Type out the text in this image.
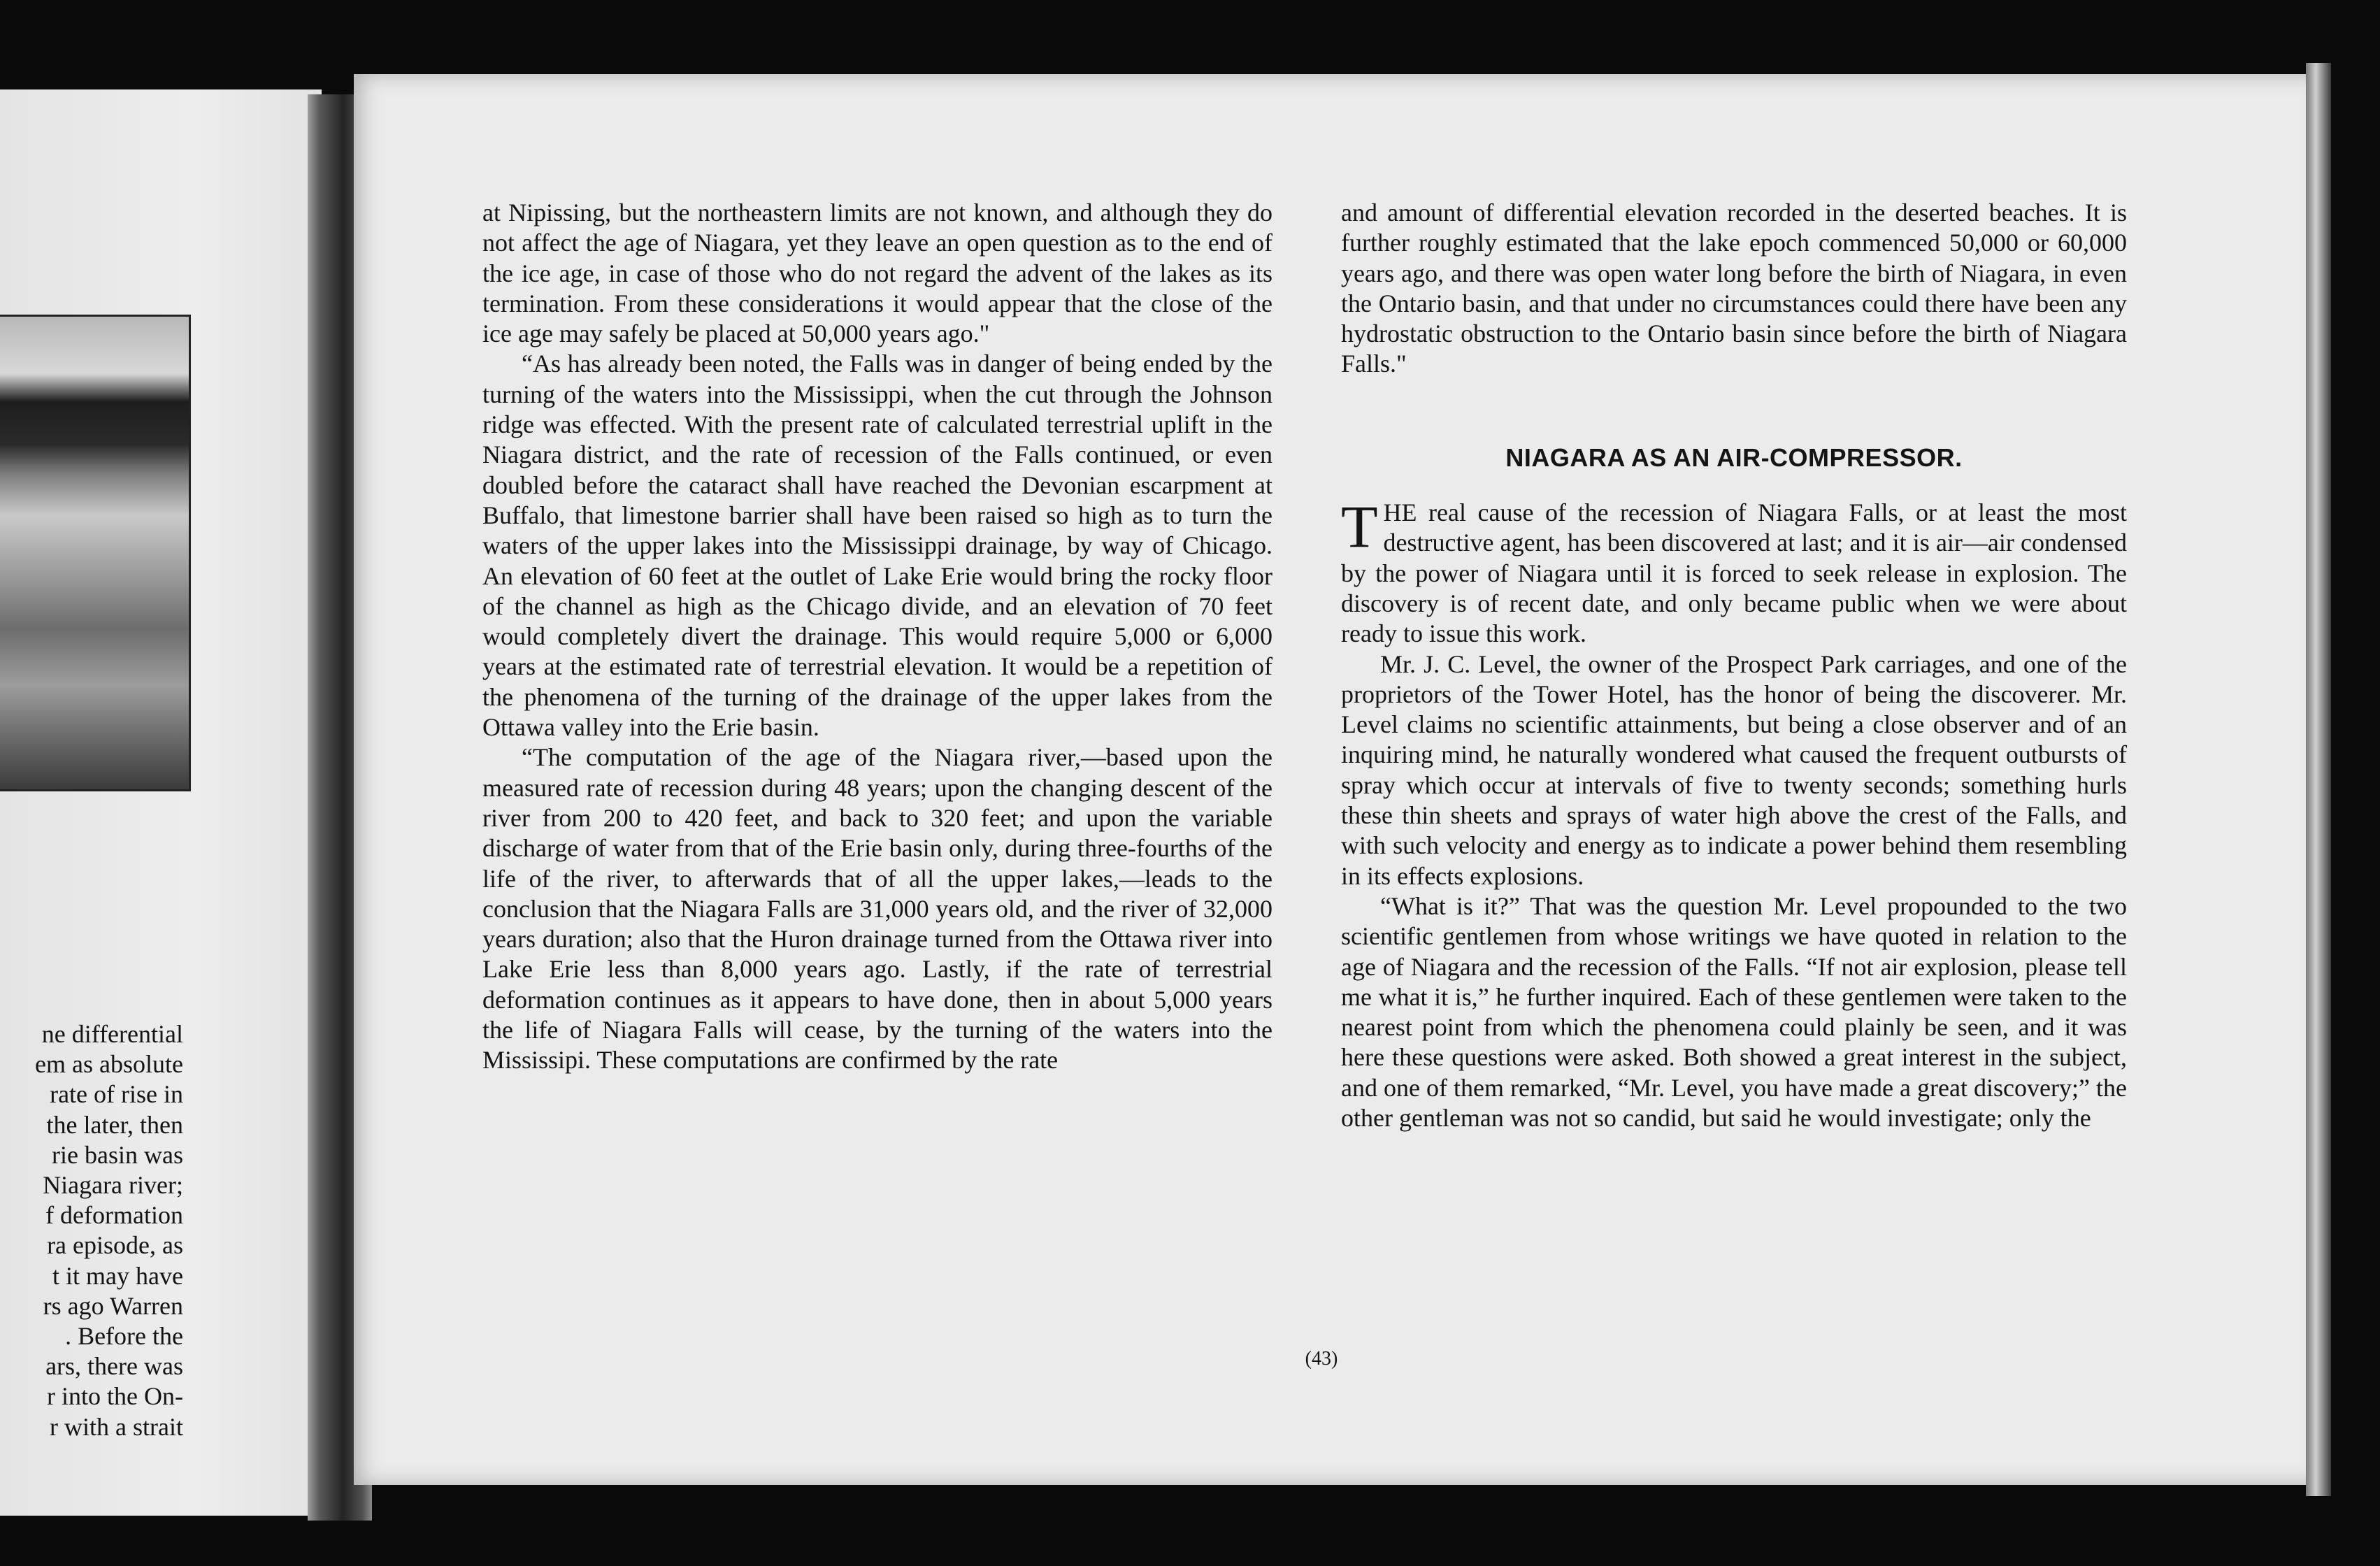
ne differential
em as absolute
rate of rise in
the later, then
rie basin was
Niagara river;
f deformation
ra episode, as
t it may have
rs ago Warren
. Before the
ars, there was
r into the On-
r with a strait

at Nipissing, but the northeastern limits are not known, and although they do not affect the age of Niagara, yet they leave an open question as to the end of the ice age, in case of those who do not regard the advent of the lakes as its termination. From these considerations it would appear that the close of the ice age may safely be placed at 50,000 years ago."

“As has already been noted, the Falls was in danger of being ended by the turning of the waters into the Mississippi, when the cut through the Johnson ridge was effected. With the present rate of calculated terrestrial uplift in the Niagara district, and the rate of recession of the Falls continued, or even doubled before the cataract shall have reached the Devonian escarpment at Buffalo, that limestone barrier shall have been raised so high as to turn the waters of the upper lakes into the Mississippi drainage, by way of Chicago. An elevation of 60 feet at the outlet of Lake Erie would bring the rocky floor of the channel as high as the Chicago divide, and an elevation of 70 feet would completely divert the drainage. This would require 5,000 or 6,000 years at the estimated rate of terrestrial elevation. It would be a repetition of the phenomena of the turning of the drainage of the upper lakes from the Ottawa valley into the Erie basin.

“The computation of the age of the Niagara river,—based upon the measured rate of recession during 48 years; upon the changing descent of the river from 200 to 420 feet, and back to 320 feet; and upon the variable discharge of water from that of the Erie basin only, during three-fourths of the life of the river, to afterwards that of all the upper lakes,—leads to the conclusion that the Niagara Falls are 31,000 years old, and the river of 32,000 years duration; also that the Huron drainage turned from the Ottawa river into Lake Erie less than 8,000 years ago. Lastly, if the rate of terrestrial deformation continues as it appears to have done, then in about 5,000 years the life of Niagara Falls will cease, by the turning of the waters into the Mississipi. These computations are confirmed by the rate

and amount of differential elevation recorded in the deserted beaches. It is further roughly estimated that the lake epoch commenced 50,000 or 60,000 years ago, and there was open water long before the birth of Niagara, in even the Ontario basin, and that under no circumstances could there have been any hydrostatic obstruction to the Ontario basin since before the birth of Niagara Falls."

NIAGARA AS AN AIR-COMPRESSOR.

THE real cause of the recession of Niagara Falls, or at least the most destructive agent, has been discovered at last; and it is air—air condensed by the power of Niagara until it is forced to seek release in explosion. The discovery is of recent date, and only became public when we were about ready to issue this work.

Mr. J. C. Level, the owner of the Prospect Park carriages, and one of the proprietors of the Tower Hotel, has the honor of being the discoverer. Mr. Level claims no scientific attainments, but being a close observer and of an inquiring mind, he naturally wondered what caused the frequent outbursts of spray which occur at intervals of five to twenty seconds; something hurls these thin sheets and sprays of water high above the crest of the Falls, and with such velocity and energy as to indicate a power behind them resembling in its effects explosions.

“What is it?” That was the question Mr. Level propounded to the two scientific gentlemen from whose writings we have quoted in relation to the age of Niagara and the recession of the Falls. “If not air explosion, please tell me what it is,” he further inquired. Each of these gentlemen were taken to the nearest point from which the phenomena could plainly be seen, and it was here these questions were asked. Both showed a great interest in the subject, and one of them remarked, “Mr. Level, you have made a great discovery;” the other gentleman was not so candid, but said he would investigate; only the

(43)
